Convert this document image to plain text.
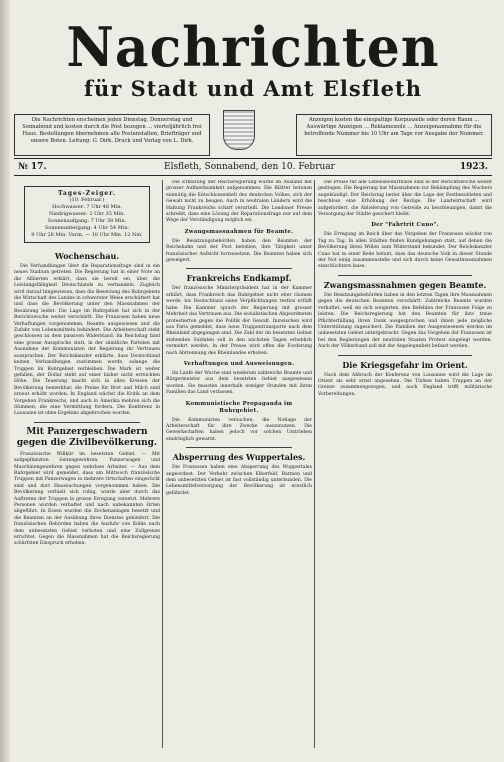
Nachrichten
für Stadt und Amt Elsfleth
Die Nachrichten erscheinen jeden Dienstag, Donnerstag und Sonnabend und kosten durch die Post bezogen ... vierteljährlich frei Haus. Bestellungen übernehmen alle Postanstalten, Briefträger und unsere Boten. Leitung: G. Dirk. Druck und Verlag von L. Dirk.
Anzeigen kosten die einspaltige Korpuszeile oder deren Raum ... Auswärtige Anzeigen ... Reklamezeile ... Anzeigenannahme für die betreffende Nummer bis 10 Uhr am Tage vor Ausgabe der Nummer.
№ 17.	Elsfleth, Sonnabend, den 10. Februar	1923.
Tages-Zeiger.
(10. Februar.)
Hochwasser: 7 Uhr 48 Min.
Niedrigwasser: 2 Uhr 35 Min.
Sonnenaufgang: 7 Uhr 38 Min.
Sonnenuntergang: 4 Uhr 54 Min.
9 Uhr 28 Min. Vorm. — 10 Uhr Min. 12 Nm.
Wochenschau.

Die Verhandlungen über die Reparationsfrage sind in ein neues Stadium getreten. Die Regierung hat in einer Note an die Alliierten erklärt, dass sie bereit sei, über die Leistungsfähigkeit Deutschlands zu verhandeln. Zugleich wird darauf hingewiesen, dass die Besetzung des Ruhrgebiets die Wirtschaft des Landes in schwerster Weise erschüttert hat und dass die Bevölkerung unter den Massnahmen der Besatzung leidet. Die Lage im Ruhrgebiet hat sich in der Berichtswoche weiter verschärft. Die Franzosen haben neue Verhaftungen vorgenommen, Beamte ausgewiesen und die Zufuhr von Lebensmitteln behindert. Die Arbeiterschaft steht geschlossen zu dem passiven Widerstand. Im Reichstag fand eine grosse Aussprache statt, in der sämtliche Parteien mit Ausnahme der Kommunisten der Regierung ihr Vertrauen aussprachen. Der Reichskanzler erklärte, dass Deutschland keinen Verhandlungen zustimmen werde, solange die Truppen im Ruhrgebiet verbleiben. Die Mark ist weiter gefallen, der Dollar steht auf einer bisher nicht erreichten Höhe. Die Teuerung macht sich in allen Kreisen der Bevölkerung bemerkbar, die Preise für Brot und Milch sind erneut erhöht worden. In England wächst die Kritik an dem Vorgehen Frankreichs, und auch in Amerika mehren sich die Stimmen, die eine Vermittlung fordern. Die Konferenz in Lausanne ist ohne Ergebnis abgebrochen worden.

Mit Panzergeschwadern gegen die Zivilbevölkerung.

Französische Willkür im besetzten Gebiet. — Mit aufgepflanzten Seitengewehren, Panzerwagen und Maschinengewehren gegen wehrlose Arbeiter. — Aus dem Ruhrgebiet wird gemeldet, dass am Mittwoch französische Truppen mit Panzerwagen in mehrere Ortschaften eingerückt sind und dort Haussuchungen vorgenommen haben. Die Bevölkerung verhielt sich ruhig, wurde aber durch das Auftreten der Truppen in grosse Erregung versetzt. Mehrere Personen wurden verhaftet und nach unbekannten Orten abgeführt. In Essen wurden die Zechenanlagen besetzt und die Beamten an der Ausübung ihres Dienstes gehindert. Die französischen Behörden haben die Ausfuhr von Kohle nach dem unbesetzten Gebiet verboten und eine Zollgrenze errichtet. Gegen die Massnahmen hat die Reichsregierung schärfsten Einspruch erhoben.

Die Erklärung der Reichsregierung wurde im Ausland mit grosser Aufmerksamkeit aufgenommen. Die Blätter betonen einmütig die Entschlossenheit des deutschen Volkes, sich der Gewalt nicht zu beugen. Auch in neutralen Ländern wird die Haltung Frankreichs scharf verurteilt. Die Londoner Presse schreibt, dass eine Lösung der Reparationsfrage nur auf dem Wege der Verständigung möglich sei.

Zwangsmassnahmen für Beamte.

Die Besatzungsbehörden haben den Beamten der Reichsbahn und der Post befohlen, ihre Tätigkeit unter französischer Aufsicht fortzusetzen. Die Beamten haben sich geweigert.

Frankreichs Endkampf.

Der französische Ministerpräsident hat in der Kammer erklärt, dass Frankreich das Ruhrgebiet nicht eher räumen werde, bis Deutschland seine Verpflichtungen restlos erfüllt habe. Die Kammer sprach der Regierung mit grosser Mehrheit das Vertrauen aus. Die sozialistischen Abgeordneten protestierten gegen die Politik der Gewalt. Inzwischen wird aus Paris gemeldet, dass neue Truppentransporte nach dem Rheinland abgegangen sind. Die Zahl der im besetzten Gebiet stehenden Soldaten soll in den nächsten Tagen erheblich vermehrt werden. In der Presse wird offen die Forderung nach Abtrennung des Rheinlandes erhoben.

Verhaftungen und Ausweisungen.

Im Laufe der Woche sind wiederum zahlreiche Beamte und Bürgermeister aus dem besetzten Gebiet ausgewiesen worden. Sie mussten innerhalb weniger Stunden mit ihren Familien das Land verlassen.

Kommunistische Propaganda im Ruhrgebiet.

Die Kommunisten versuchen, die Notlage der Arbeiterschaft für ihre Zwecke auszunutzen. Die Gewerkschaften haben jedoch vor solchen Umtrieben eindringlich gewarnt.

Absperrung des Wuppertales.

Die Franzosen haben eine Absperrung des Wuppertales angeordnet. Der Verkehr zwischen Elberfeld, Barmen und dem unbesetzten Gebiet ist fast vollständig unterbunden. Die Lebensmittelversorgung der Bevölkerung ist ernstlich gefährdet.

Die Preise für alle Lebensbedürfnisse sind in der Berichtswoche weiter gestiegen. Die Regierung hat Massnahmen zur Bekämpfung des Wuchers angekündigt. Der Reichstag beriet über die Lage der Festbesoldeten und beschloss eine Erhöhung der Bezüge. Die Landwirtschaft wird aufgefordert, die Ablieferung von Getreide zu beschleunigen, damit die Versorgung der Städte gesichert bleibt.

Der "Fahrtrit Cuno".

Die Erregung im Reich über das Vorgehen der Franzosen wächst von Tag zu Tag. In allen Städten finden Kundgebungen statt, auf denen die Bevölkerung ihren Willen zum Widerstand bekundet. Der Reichskanzler Cuno hat in einer Rede betont, dass das deutsche Volk in dieser Stunde der Not einig zusammenstehe und sich durch keine Gewaltmassnahmen einschüchtern lasse.

Zwangsmassnahmen gegen Beamte.

Die Besatzungsbehörden haben in den letzten Tagen ihre Massnahmen gegen die deutschen Beamten verschärft. Zahlreiche Beamte wurden verhaftet, weil sie sich weigerten, den Befehlen der Franzosen Folge zu leisten. Die Reichsregierung hat den Beamten für ihre treue Pflichterfüllung ihren Dank ausgesprochen und ihnen jede mögliche Unterstützung zugesichert. Die Familien der Ausgewiesenen werden im unbesetzten Gebiet untergebracht. Gegen das Vorgehen der Franzosen ist bei den Regierungen der neutralen Staaten Protest eingelegt worden. Auch der Völkerbund soll mit der Angelegenheit befasst werden.

Die Kriegsgefahr im Orient.

Nach dem Abbruch der Konferenz von Lausanne wird die Lage im Orient als sehr ernst angesehen. Die Türken haben Truppen an der Grenze zusammengezogen, und auch England trifft militärische Vorbereitungen.
